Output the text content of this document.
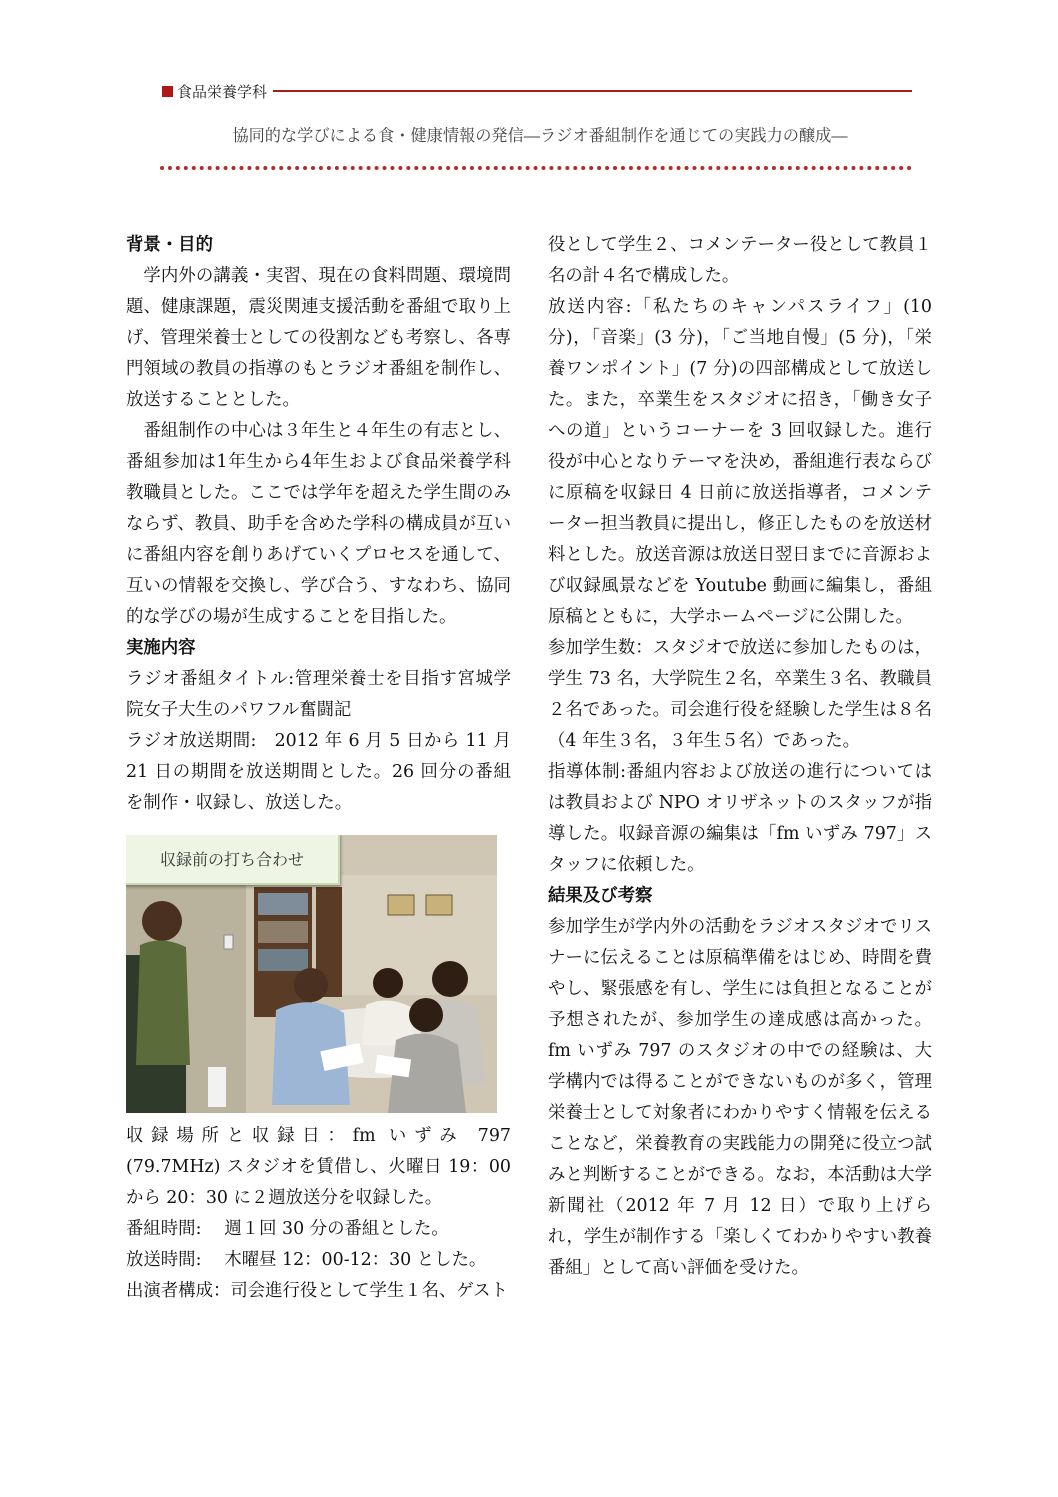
食品栄養学科
協同的な学びによる食・健康情報の発信―ラジオ番組制作を通じての実践力の醸成―
背景・目的

学内外の講義・実習、現在の食料問題、環境問題、健康課題，震災関連支援活動を番組で取り上げ、管理栄養士としての役割なども考察し、各専門領域の教員の指導のもとラジオ番組を制作し、放送することとした。

番組制作の中心は３年生と４年生の有志とし、番組参加は1年生から4年生および食品栄養学科教職員とした。ここでは学年を超えた学生間のみならず、教員、助手を含めた学科の構成員が互いに番組内容を創りあげていくプロセスを通して、互いの情報を交換し、学び合う、すなわち、協同的な学びの場が生成することを目指した。

実施内容

ラジオ番組タイトル:管理栄養士を目指す宮城学院女子大生のパワフル奮闘記

ラジオ放送期間:　2012 年 6 月 5 日から 11 月 21 日の期間を放送期間とした。26 回分の番組を制作・収録し、放送した。

収録前の打ち合わせ

収録場所と収録日：fm いずみ 797　　(79.7MHz) スタジオを賃借し、火曜日 19：00 から 20：30 に２週放送分を収録した。

番組時間:　 週１回 30 分の番組とした。

放送時間:　 木曜昼 12：00-12：30 とした。

出演者構成：司会進行役として学生１名、ゲスト

役として学生２、コメンテーター役として教員１名の計４名で構成した。

放送内容:「私たちのキャンパスライフ」(10 分)，「音楽」(3 分)，「ご当地自慢」(5 分)，「栄養ワンポイント」(7 分)の四部構成として放送した。また，卒業生をスタジオに招き，「働き女子への道」というコーナーを 3 回収録した。進行役が中心となりテーマを決め，番組進行表ならびに原稿を収録日 4 日前に放送指導者，コメンテーター担当教員に提出し，修正したものを放送材料とした。放送音源は放送日翌日までに音源および収録風景などを Youtube 動画に編集し，番組原稿とともに，大学ホームページに公開した。

参加学生数：スタジオで放送に参加したものは，学生 73 名，大学院生２名，卒業生３名、教職員２名であった。司会進行役を経験した学生は８名（4 年生３名，３年生５名）であった。

指導体制:番組内容および放送の進行についてはは教員および NPO オリザネットのスタッフが指導した。収録音源の編集は「fm いずみ 797」スタッフに依頼した。

結果及び考察

参加学生が学内外の活動をラジオスタジオでリスナーに伝えることは原稿準備をはじめ、時間を費やし、緊張感を有し、学生には負担となることが予想されたが、参加学生の達成感は高かった。fm いずみ 797 のスタジオの中での経験は、大学構内では得ることができないものが多く，管理栄養士として対象者にわかりやすく情報を伝えることなど，栄養教育の実践能力の開発に役立つ試みと判断することができる。なお，本活動は大学新聞社（2012 年 7 月 12 日）で取り上げられ，学生が制作する「楽しくてわかりやすい教養番組」として高い評価を受けた。
